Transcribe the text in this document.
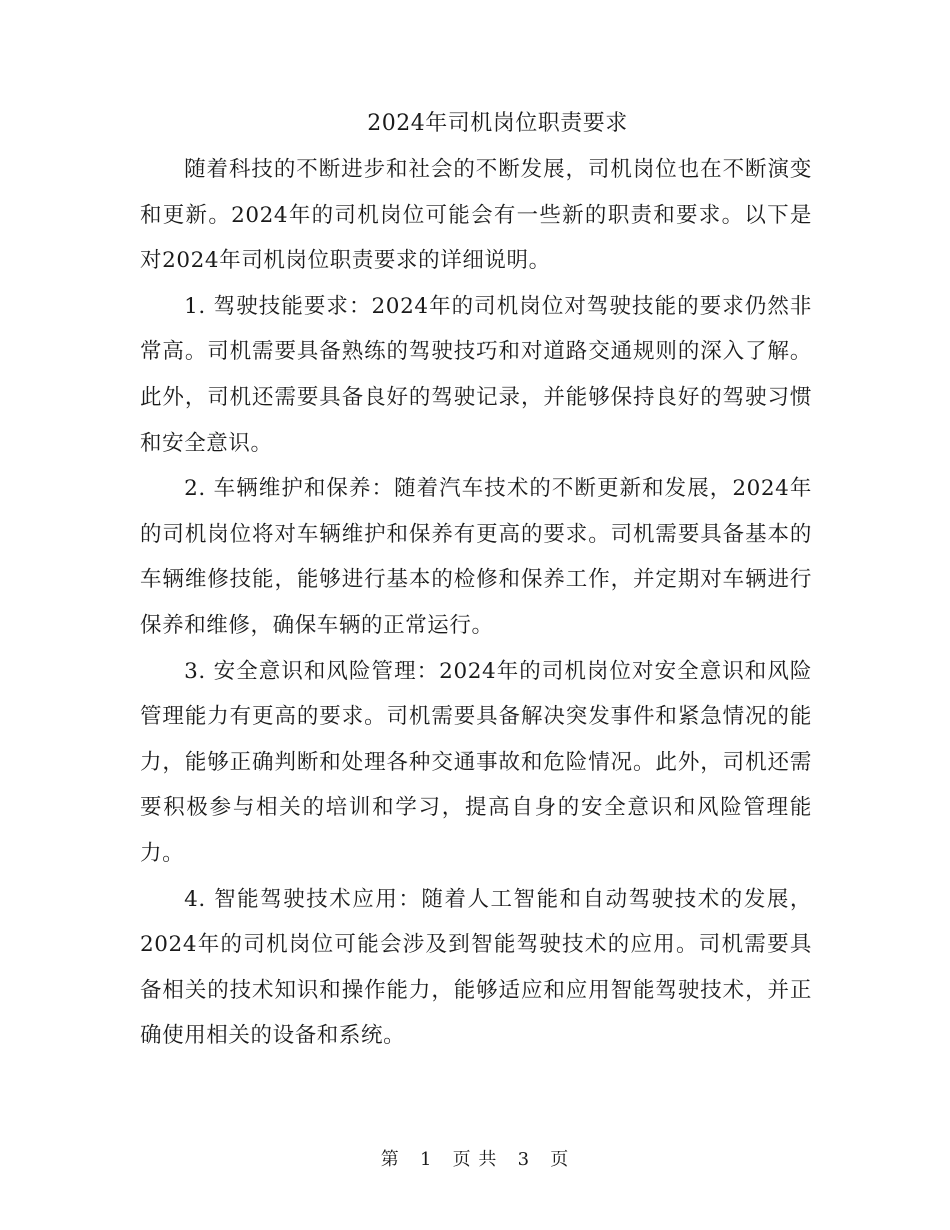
2024年司机岗位职责要求

随着科技的不断进步和社会的不断发展，司机岗位也在不断演变和更新。2024年的司机岗位可能会有一些新的职责和要求。以下是对2024年司机岗位职责要求的详细说明。

1. 驾驶技能要求：2024年的司机岗位对驾驶技能的要求仍然非常高。司机需要具备熟练的驾驶技巧和对道路交通规则的深入了解。此外，司机还需要具备良好的驾驶记录，并能够保持良好的驾驶习惯和安全意识。

2. 车辆维护和保养：随着汽车技术的不断更新和发展，2024年的司机岗位将对车辆维护和保养有更高的要求。司机需要具备基本的车辆维修技能，能够进行基本的检修和保养工作，并定期对车辆进行保养和维修，确保车辆的正常运行。

3. 安全意识和风险管理：2024年的司机岗位对安全意识和风险管理能力有更高的要求。司机需要具备解决突发事件和紧急情况的能力，能够正确判断和处理各种交通事故和危险情况。此外，司机还需要积极参与相关的培训和学习，提高自身的安全意识和风险管理能力。

4. 智能驾驶技术应用：随着人工智能和自动驾驶技术的发展，2024年的司机岗位可能会涉及到智能驾驶技术的应用。司机需要具备相关的技术知识和操作能力，能够适应和应用智能驾驶技术，并正确使用相关的设备和系统。

第 1 页 共 3 页
